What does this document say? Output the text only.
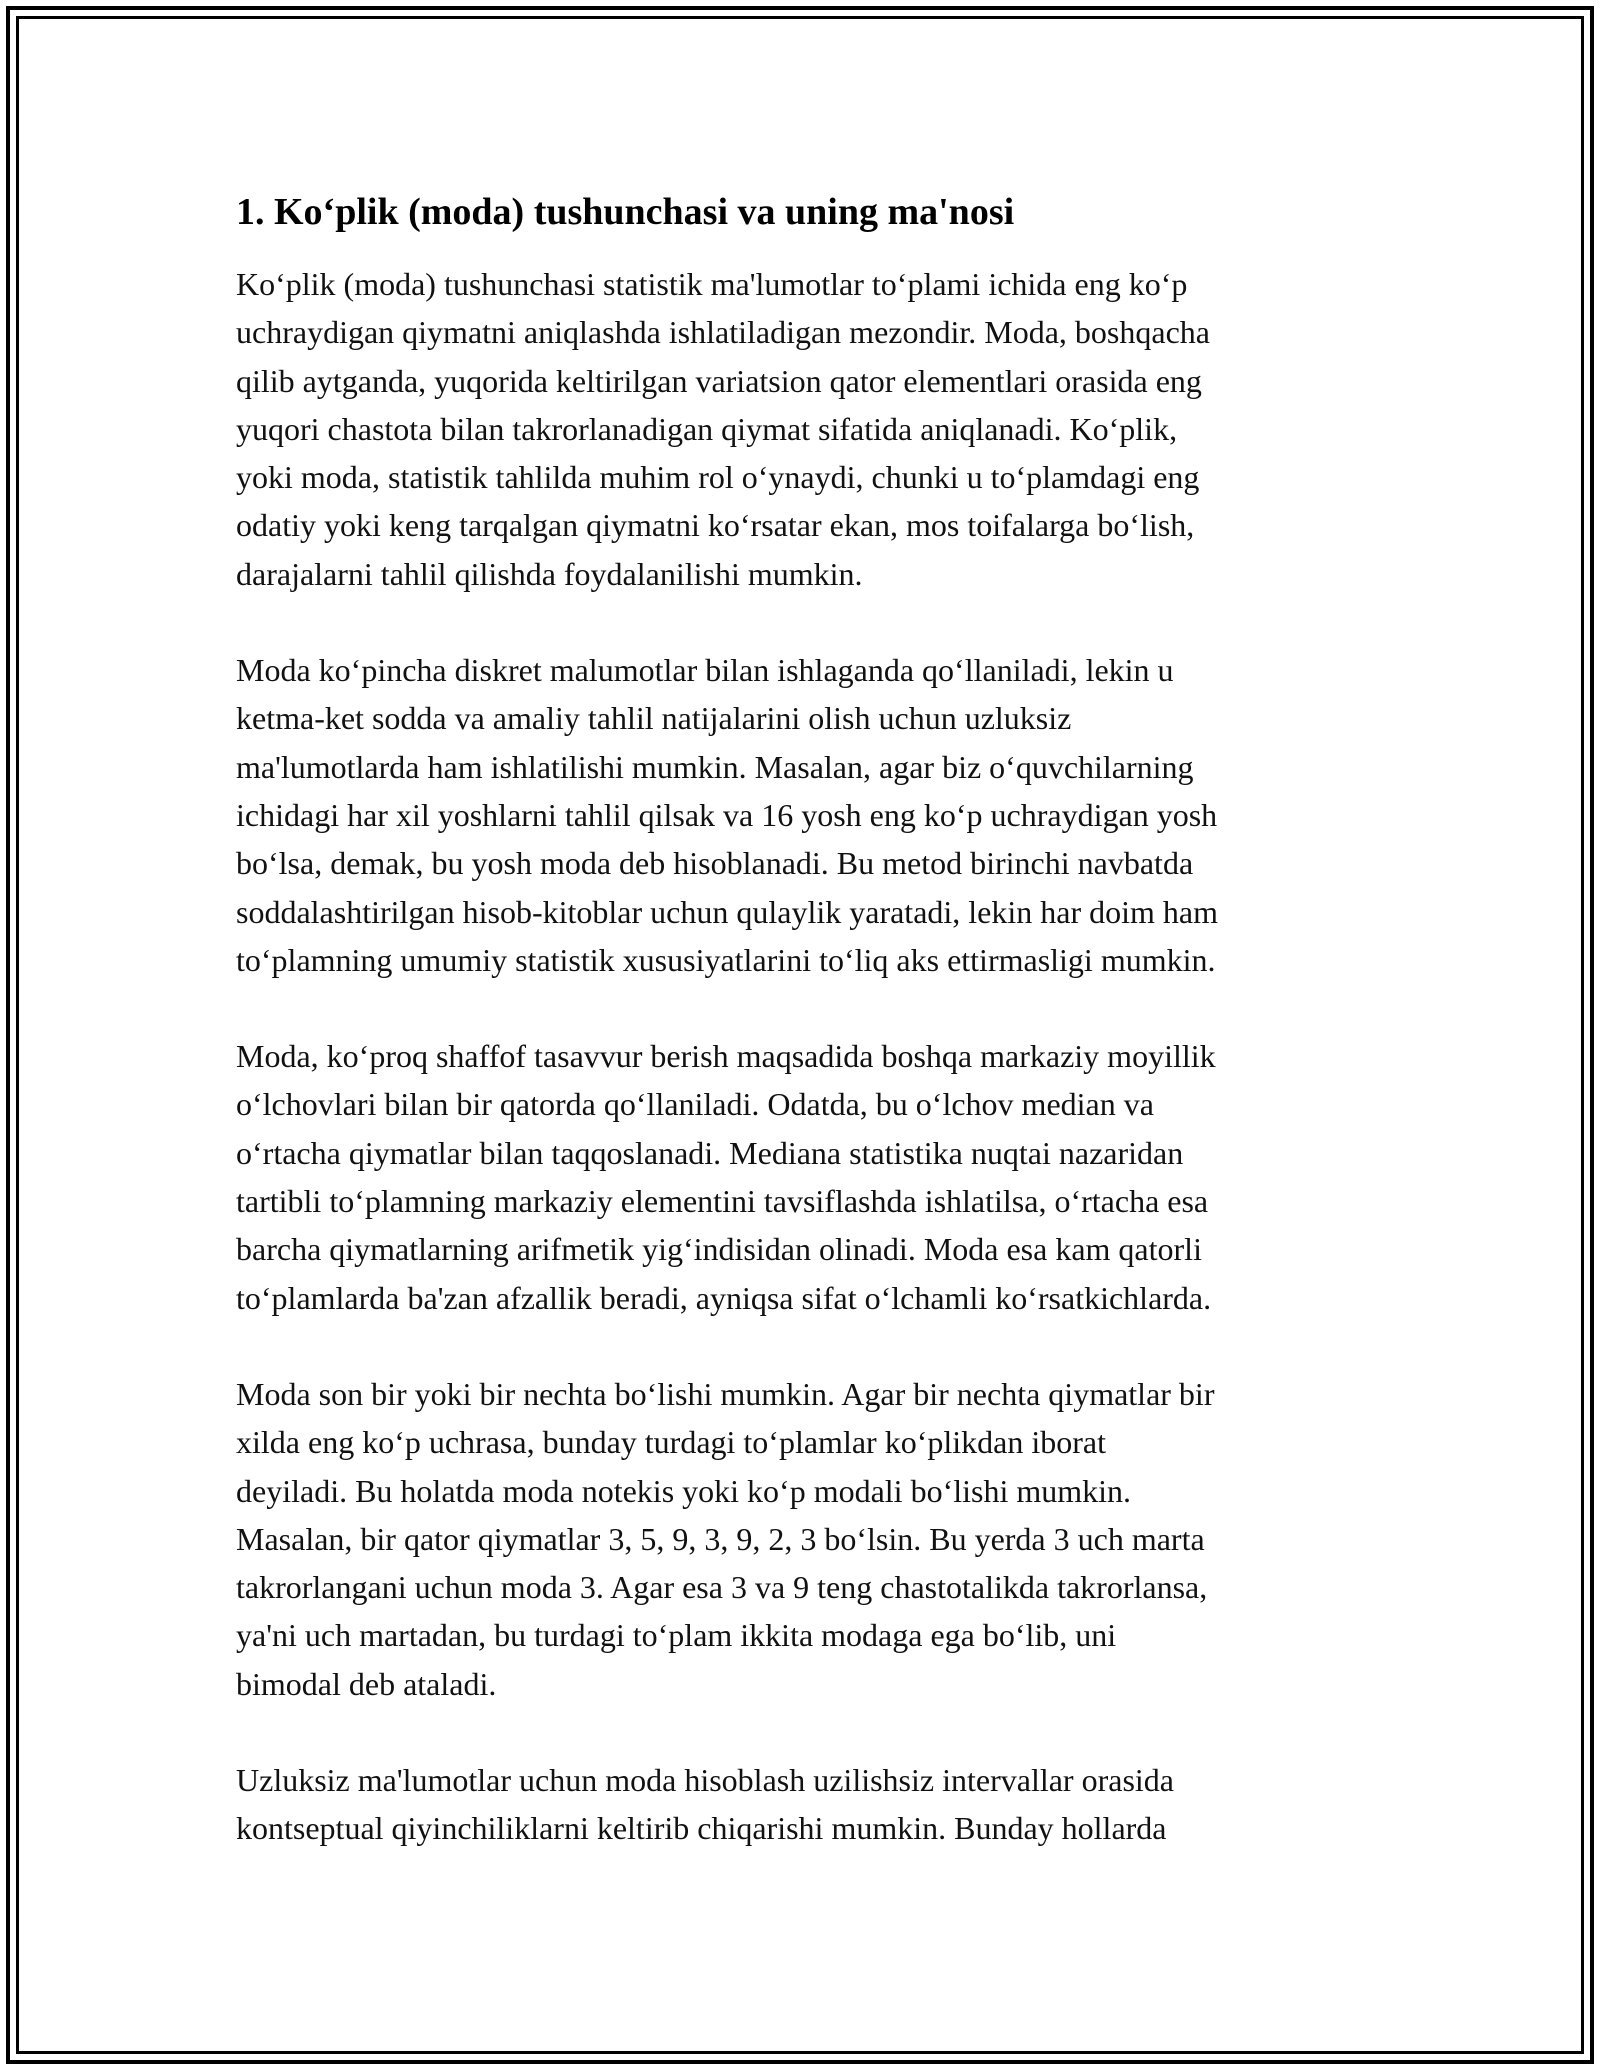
1. Ko‘plik (moda) tushunchasi va uning ma'nosi

Ko‘plik (moda) tushunchasi statistik ma'lumotlar to‘plami ichida eng ko‘p
uchraydigan qiymatni aniqlashda ishlatiladigan mezondir. Moda, boshqacha
qilib aytganda, yuqorida keltirilgan variatsion qator elementlari orasida eng
yuqori chastota bilan takrorlanadigan qiymat sifatida aniqlanadi. Ko‘plik,
yoki moda, statistik tahlilda muhim rol o‘ynaydi, chunki u to‘plamdagi eng
odatiy yoki keng tarqalgan qiymatni ko‘rsatar ekan, mos toifalarga bo‘lish,
darajalarni tahlil qilishda foydalanilishi mumkin.

Moda ko‘pincha diskret malumotlar bilan ishlaganda qo‘llaniladi, lekin u
ketma-ket sodda va amaliy tahlil natijalarini olish uchun uzluksiz
ma'lumotlarda ham ishlatilishi mumkin. Masalan, agar biz o‘quvchilarning
ichidagi har xil yoshlarni tahlil qilsak va 16 yosh eng ko‘p uchraydigan yosh
bo‘lsa, demak, bu yosh moda deb hisoblanadi. Bu metod birinchi navbatda
soddalashtirilgan hisob-kitoblar uchun qulaylik yaratadi, lekin har doim ham
to‘plamning umumiy statistik xususiyatlarini to‘liq aks ettirmasligi mumkin.

Moda, ko‘proq shaffof tasavvur berish maqsadida boshqa markaziy moyillik
o‘lchovlari bilan bir qatorda qo‘llaniladi. Odatda, bu o‘lchov median va
o‘rtacha qiymatlar bilan taqqoslanadi. Mediana statistika nuqtai nazaridan
tartibli to‘plamning markaziy elementini tavsiflashda ishlatilsa, o‘rtacha esa
barcha qiymatlarning arifmetik yig‘indisidan olinadi. Moda esa kam qatorli
to‘plamlarda ba'zan afzallik beradi, ayniqsa sifat o‘lchamli ko‘rsatkichlarda.

Moda son bir yoki bir nechta bo‘lishi mumkin. Agar bir nechta qiymatlar bir
xilda eng ko‘p uchrasa, bunday turdagi to‘plamlar ko‘plikdan iborat
deyiladi. Bu holatda moda notekis yoki ko‘p modali bo‘lishi mumkin.
Masalan, bir qator qiymatlar 3, 5, 9, 3, 9, 2, 3 bo‘lsin. Bu yerda 3 uch marta
takrorlangani uchun moda 3. Agar esa 3 va 9 teng chastotalikda takrorlansa,
ya'ni uch martadan, bu turdagi to‘plam ikkita modaga ega bo‘lib, uni
bimodal deb ataladi.

Uzluksiz ma'lumotlar uchun moda hisoblash uzilishsiz intervallar orasida
kontseptual qiyinchiliklarni keltirib chiqarishi mumkin. Bunday hollarda
